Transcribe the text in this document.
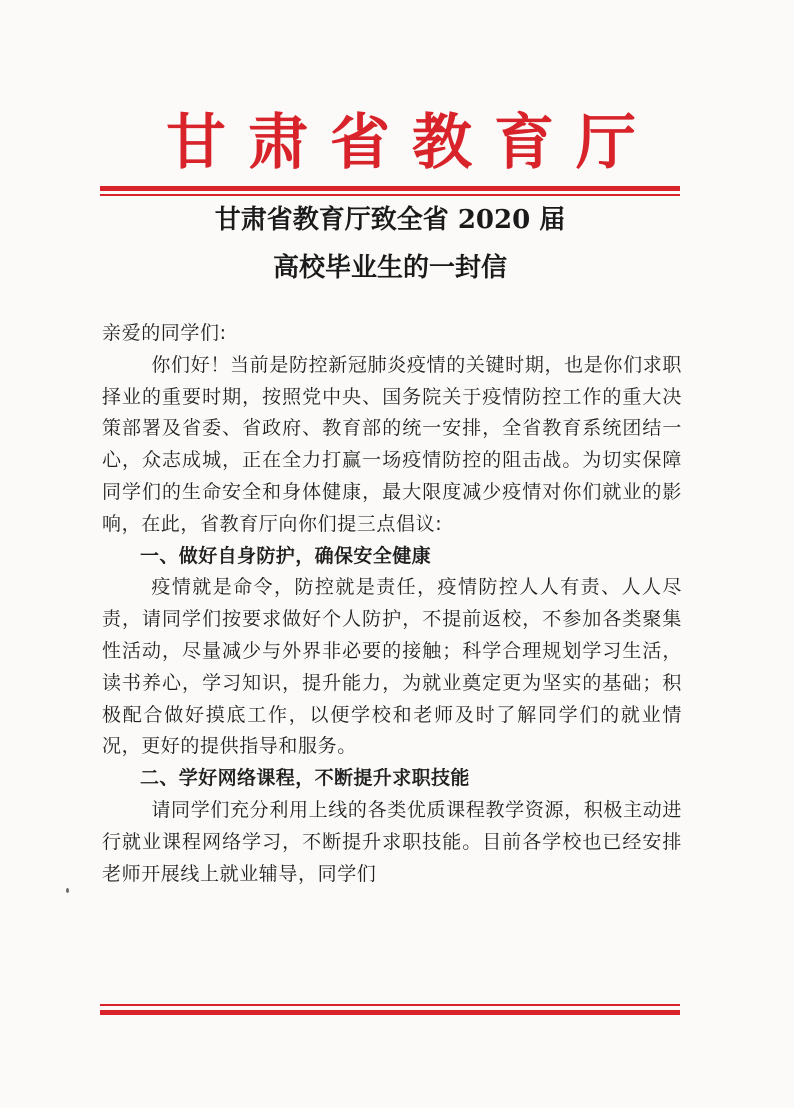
甘肃省教育厅
甘肃省教育厅致全省 2020 届
高校毕业生的一封信

亲爱的同学们:

你们好！当前是防控新冠肺炎疫情的关键时期，也是你们求职择业的重要时期，按照党中央、国务院关于疫情防控工作的重大决策部署及省委、省政府、教育部的统一安排，全省教育系统团结一心，众志成城，正在全力打赢一场疫情防控的阻击战。为切实保障同学们的生命安全和身体健康，最大限度减少疫情对你们就业的影响，在此，省教育厅向你们提三点倡议:

一、做好自身防护，确保安全健康

疫情就是命令，防控就是责任，疫情防控人人有责、人人尽责，请同学们按要求做好个人防护，不提前返校，不参加各类聚集性活动，尽量减少与外界非必要的接触；科学合理规划学习生活，读书养心，学习知识，提升能力，为就业奠定更为坚实的基础；积极配合做好摸底工作，以便学校和老师及时了解同学们的就业情况，更好的提供指导和服务。

二、学好网络课程，不断提升求职技能

请同学们充分利用上线的各类优质课程教学资源，积极主动进行就业课程网络学习，不断提升求职技能。目前各学校也已经安排老师开展线上就业辅导，同学们
